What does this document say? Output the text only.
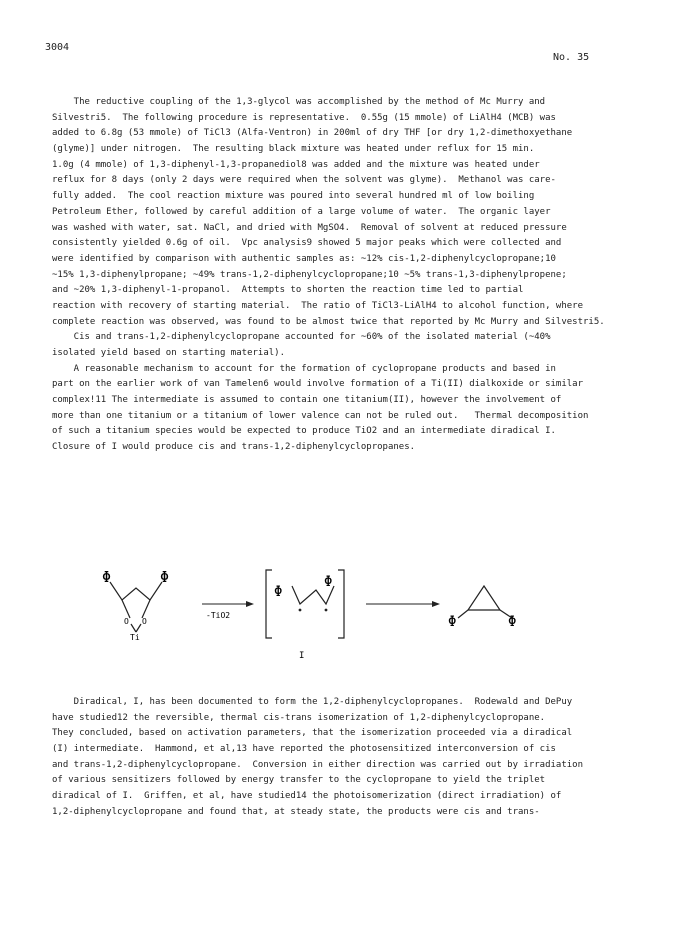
3004
No. 35
The reductive coupling of the 1,3-glycol was accomplished by the method of Mc Murry and
Silvestri5.  The following procedure is representative.  0.55g (15 mmole) of LiAlH4 (MCB) was
added to 6.8g (53 mmole) of TiCl3 (Alfa-Ventron) in 200ml of dry THF [or dry 1,2-dimethoxyethane
(glyme)] under nitrogen.  The resulting black mixture was heated under reflux for 15 min.
1.0g (4 mmole) of 1,3-diphenyl-1,3-propanediol8 was added and the mixture was heated under
reflux for 8 days (only 2 days were required when the solvent was glyme).  Methanol was care-
fully added.  The cool reaction mixture was poured into several hundred ml of low boiling
Petroleum Ether, followed by careful addition of a large volume of water.  The organic layer
was washed with water, sat. NaCl, and dried with MgSO4.  Removal of solvent at reduced pressure
consistently yielded 0.6g of oil.  Vpc analysis9 showed 5 major peaks which were collected and
were identified by comparison with authentic samples as: ~12% cis-1,2-diphenylcyclopropane;10
~15% 1,3-diphenylpropane; ~49% trans-1,2-diphenylcyclopropane;10 ~5% trans-1,3-diphenylpropene;
and ~20% 1,3-diphenyl-1-propanol.  Attempts to shorten the reaction time led to partial
reaction with recovery of starting material.  The ratio of TiCl3-LiAlH4 to alcohol function, where
complete reaction was observed, was found to be almost twice that reported by Mc Murry and Silvestri5.
Cis and trans-1,2-diphenylcyclopropane accounted for ~60% of the isolated material (~40%
isolated yield based on starting material).
A reasonable mechanism to account for the formation of cyclopropane products and based in
part on the earlier work of van Tamelen6 would involve formation of a Ti(II) dialkoxide or similar
complex!11 The intermediate is assumed to contain one titanium(II), however the involvement of
more than one titanium or a titanium of lower valence can not be ruled out.   Thermal decomposition
of such a titanium species would be expected to produce TiO2 and an intermediate diradical I.
Closure of I would produce cis and trans-1,2-diphenylcyclopropanes.
Φ	Φ
O O
Ti
-TiO2
Φ
Φ
I
Φ	Φ
Diradical, I, has been documented to form the 1,2-diphenylcyclopropanes.  Rodewald and DePuy
have studied12 the reversible, thermal cis-trans isomerization of 1,2-diphenylcyclopropane.
They concluded, based on activation parameters, that the isomerization proceeded via a diradical
(I) intermediate.  Hammond, et al,13 have reported the photosensitized interconversion of cis
and trans-1,2-diphenylcyclopropane.  Conversion in either direction was carried out by irradiation
of various sensitizers followed by energy transfer to the cyclopropane to yield the triplet
diradical of I.  Griffen, et al, have studied14 the photoisomerization (direct irradiation) of
1,2-diphenylcyclopropane and found that, at steady state, the products were cis and trans-
